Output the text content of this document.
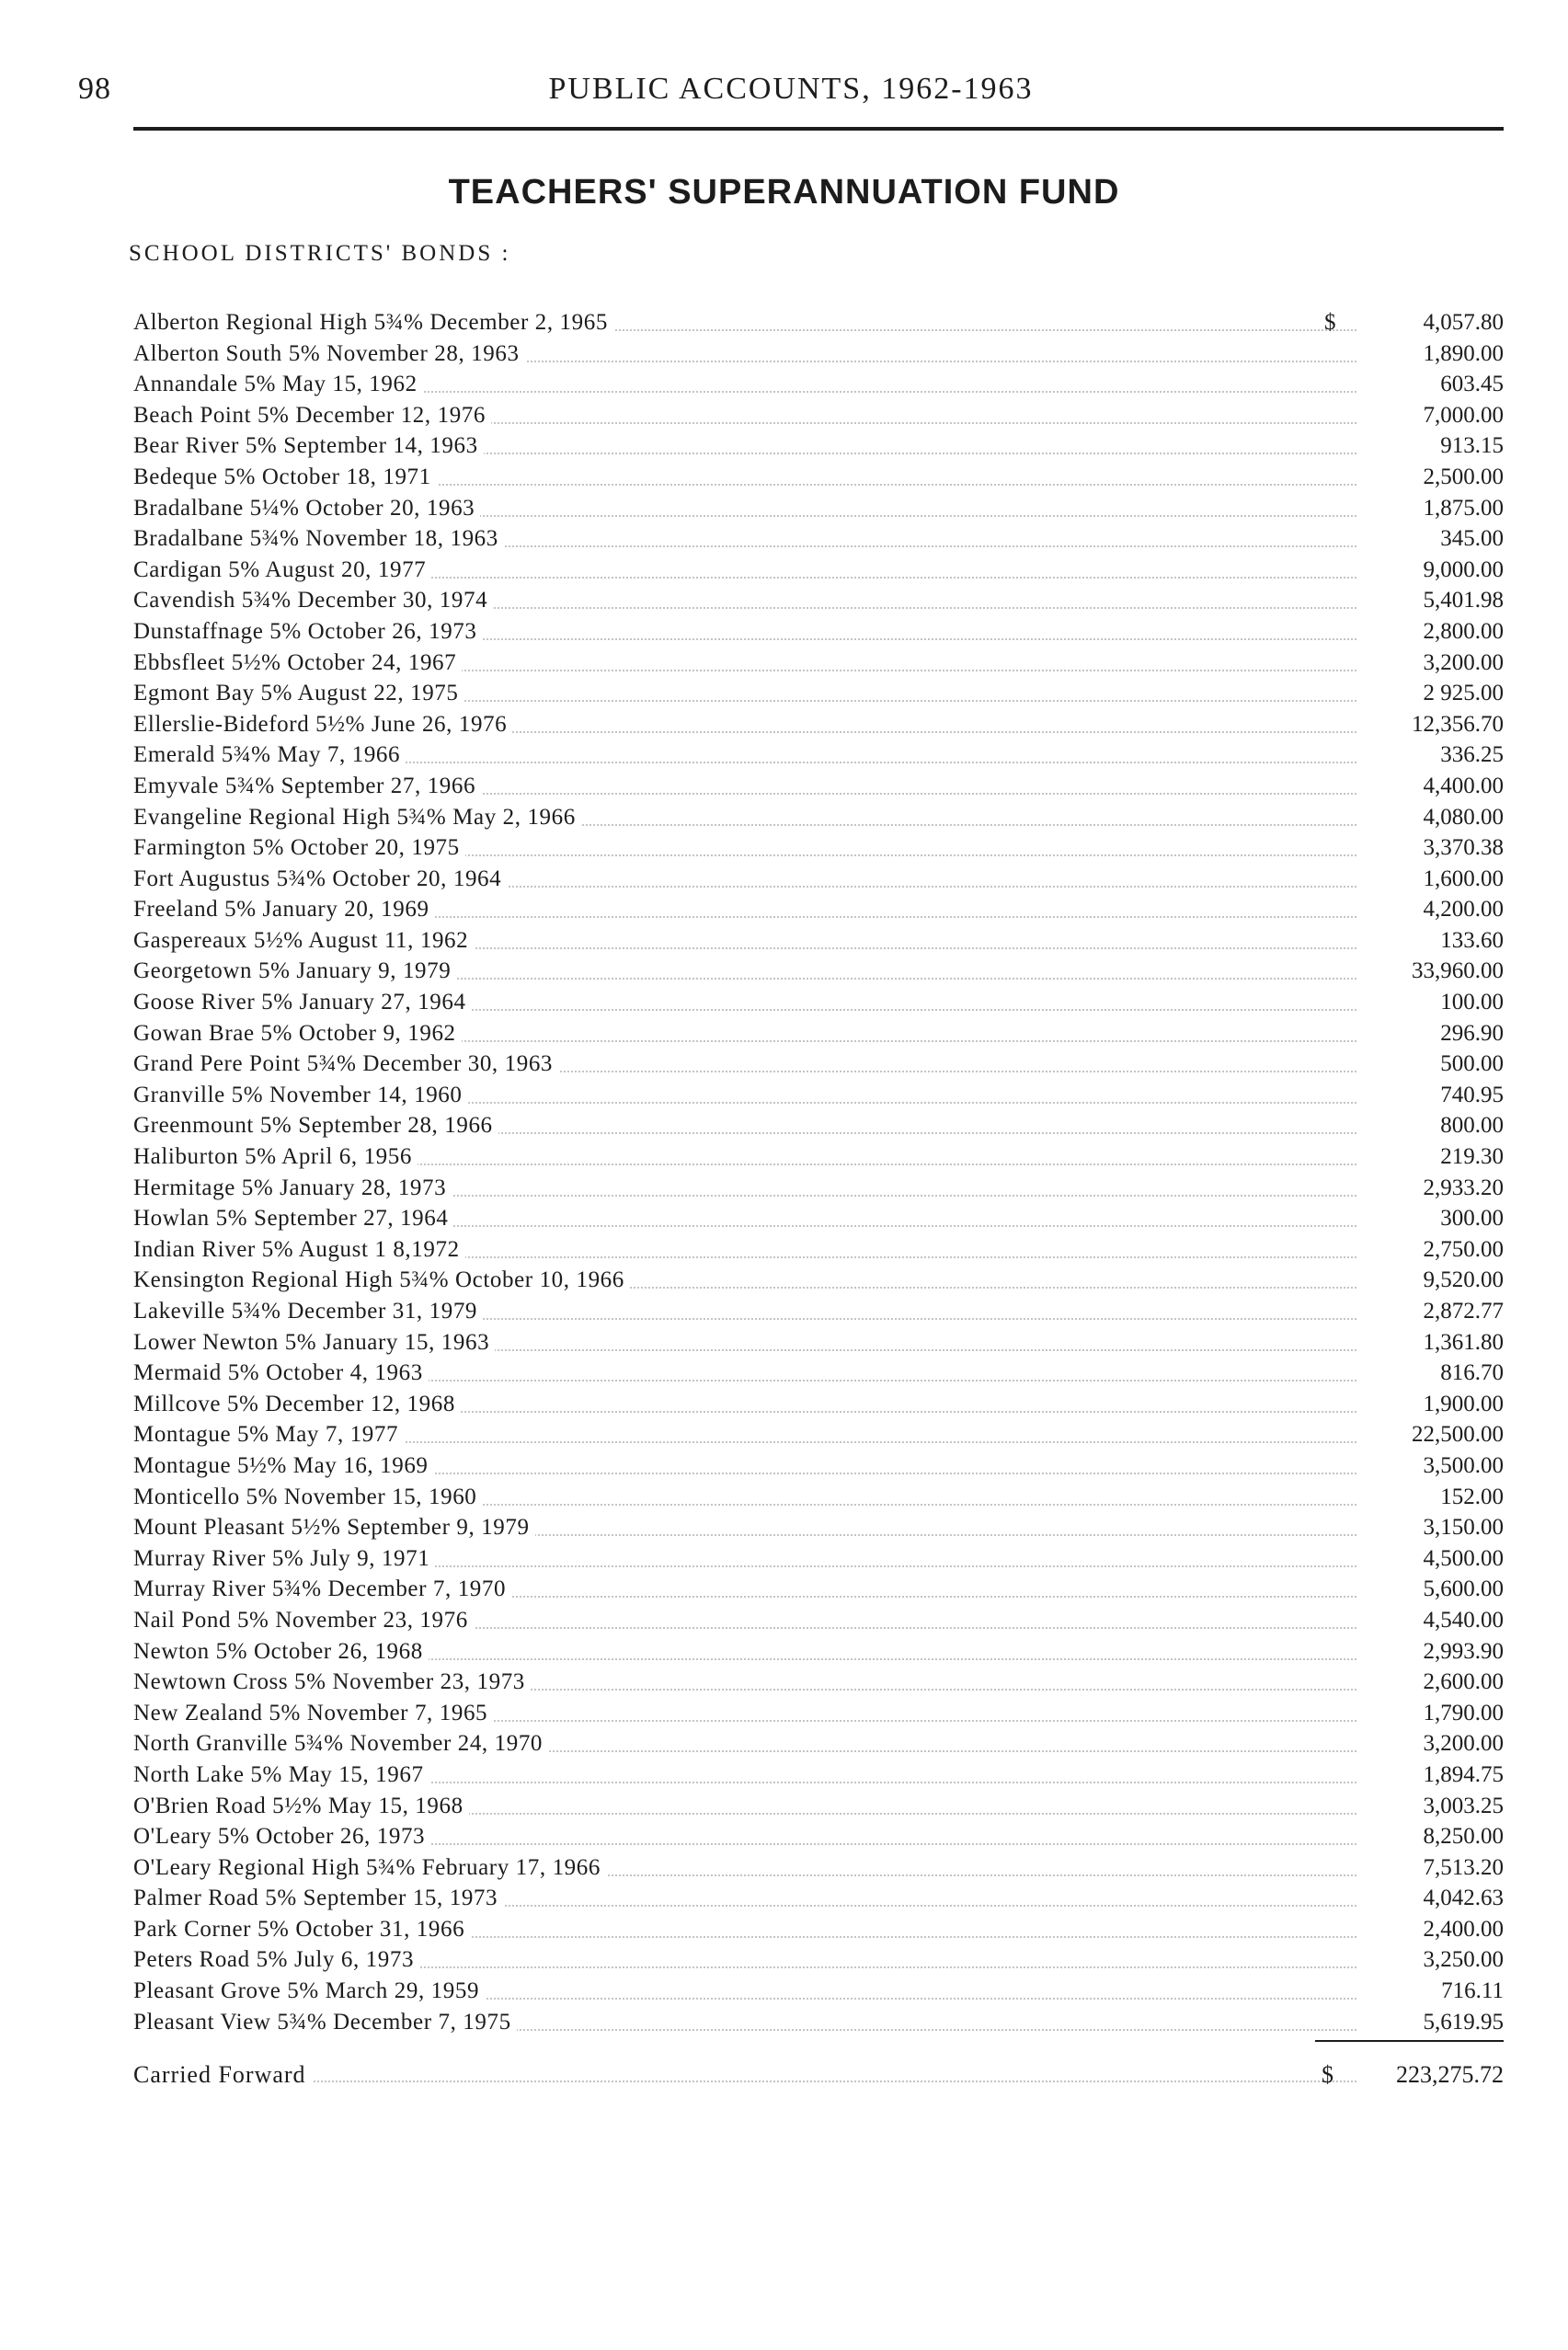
98	PUBLIC ACCOUNTS, 1962-1963
TEACHERS' SUPERANNUATION FUND
SCHOOL DISTRICTS' BONDS :
Alberton Regional High 5¾% December 2, 1965	$	4,057.80
Alberton South 5% November 28, 1963	1,890.00
Annandale 5% May 15, 1962	603.45
Beach Point 5% December 12, 1976	7,000.00
Bear River 5% September 14, 1963	913.15
Bedeque 5% October 18, 1971	2,500.00
Bradalbane 5¼% October 20, 1963	1,875.00
Bradalbane 5¾% November 18, 1963	345.00
Cardigan 5% August 20, 1977	9,000.00
Cavendish 5¾% December 30, 1974	5,401.98
Dunstaffnage 5% October 26, 1973	2,800.00
Ebbsfleet 5½% October 24, 1967	3,200.00
Egmont Bay 5% August 22, 1975	2 925.00
Ellerslie-Bideford 5½% June 26, 1976	12,356.70
Emerald 5¾% May 7, 1966	336.25
Emyvale 5¾% September 27, 1966	4,400.00
Evangeline Regional High 5¾% May 2, 1966	4,080.00
Farmington 5% October 20, 1975	3,370.38
Fort Augustus 5¾% October 20, 1964	1,600.00
Freeland 5% January 20, 1969	4,200.00
Gaspereaux 5½% August 11, 1962	133.60
Georgetown 5% January 9, 1979	33,960.00
Goose River 5% January 27, 1964	100.00
Gowan Brae 5% October 9, 1962	296.90
Grand Pere Point 5¾% December 30, 1963	500.00
Granville 5% November 14, 1960	740.95
Greenmount 5% September 28, 1966	800.00
Haliburton 5% April 6, 1956	219.30
Hermitage 5% January 28, 1973	2,933.20
Howlan 5% September 27, 1964	300.00
Indian River 5% August 1 8,1972	2,750.00
Kensington Regional High 5¾% October 10, 1966	9,520.00
Lakeville 5¾% December 31, 1979	2,872.77
Lower Newton 5% January 15, 1963	1,361.80
Mermaid 5% October 4, 1963	816.70
Millcove 5% December 12, 1968	1,900.00
Montague 5% May 7, 1977	22,500.00
Montague 5½% May 16, 1969	3,500.00
Monticello 5% November 15, 1960	152.00
Mount Pleasant 5½% September 9, 1979	3,150.00
Murray River 5% July 9, 1971	4,500.00
Murray River 5¾% December 7, 1970	5,600.00
Nail Pond 5% November 23, 1976	4,540.00
Newton 5% October 26, 1968	2,993.90
Newtown Cross 5% November 23, 1973	2,600.00
New Zealand 5% November 7, 1965	1,790.00
North Granville 5¾% November 24, 1970	3,200.00
North Lake 5% May 15, 1967	1,894.75
O'Brien Road 5½% May 15, 1968	3,003.25
O'Leary 5% October 26, 1973	8,250.00
O'Leary Regional High 5¾% February 17, 1966	7,513.20
Palmer Road 5% September 15, 1973	4,042.63
Park Corner 5% October 31, 1966	2,400.00
Peters Road 5% July 6, 1973	3,250.00
Pleasant Grove 5% March 29, 1959	716.11
Pleasant View 5¾% December 7, 1975	5,619.95
Carried Forward	$	223,275.72
